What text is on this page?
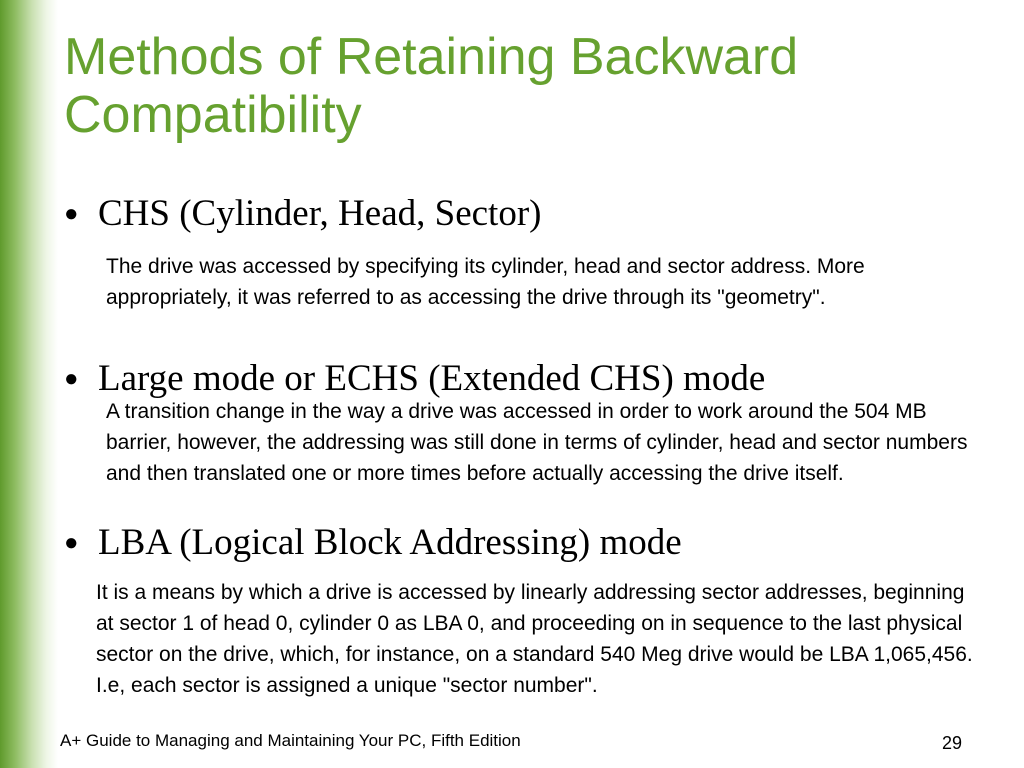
Methods of Retaining Backward Compatibility
● CHS (Cylinder, Head, Sector)
The drive was accessed by specifying its cylinder, head and sector address. More appropriately, it was referred to as accessing the drive through its "geometry".
● Large mode or ECHS (Extended CHS) mode
A transition change in the way a drive was accessed in order to work around the 504 MB barrier, however, the addressing was still done in terms of cylinder, head and sector numbers and then translated one or more times before actually accessing the drive itself.
● LBA (Logical Block Addressing) mode
It is a means by which a drive is accessed by linearly addressing sector addresses, beginning at sector 1 of head 0, cylinder 0 as LBA 0, and proceeding on in sequence to the last physical sector on the drive, which, for instance, on a standard 540 Meg drive would be LBA 1,065,456. I.e, each sector is assigned a unique "sector number".
A+ Guide to Managing and Maintaining Your PC, Fifth Edition	29
